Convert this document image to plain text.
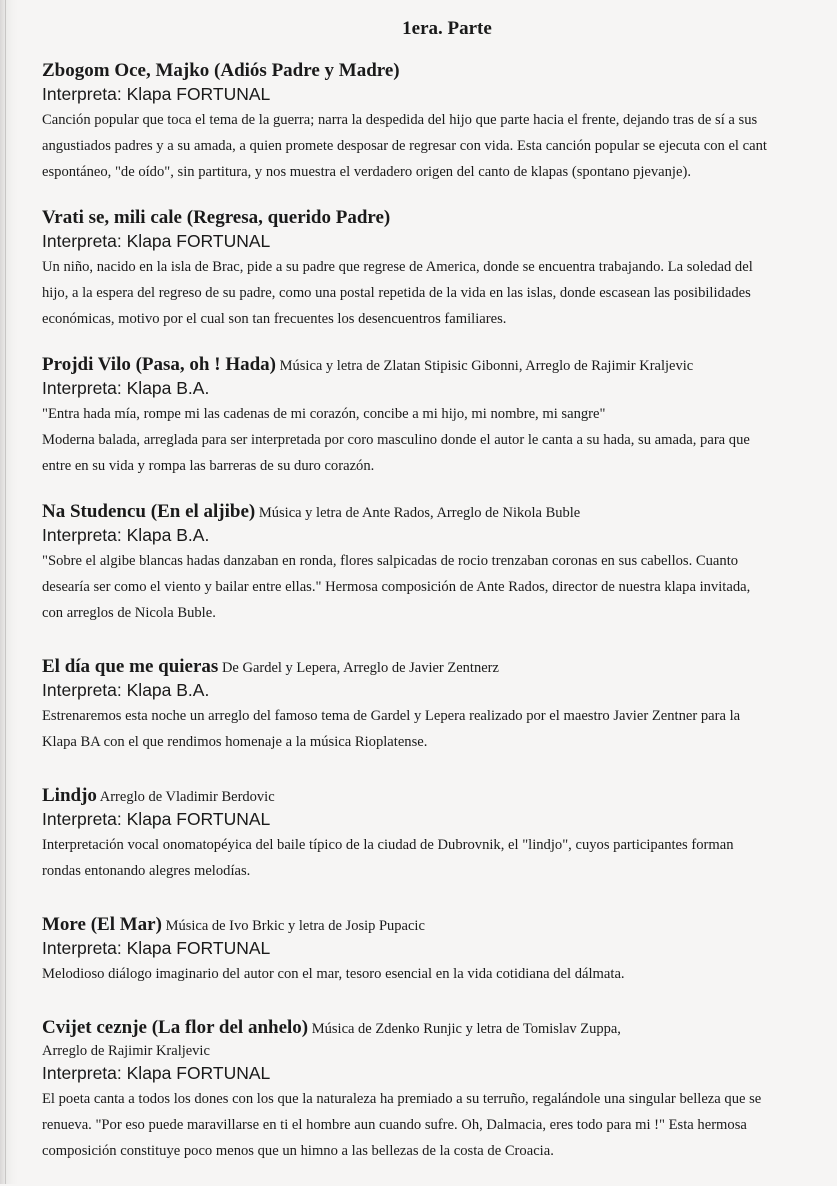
1era. Parte
Zbogom Oce, Majko (Adiós Padre y Madre)
Interpreta: Klapa FORTUNAL
Canción popular que toca el tema de la guerra; narra la despedida del hijo que parte hacia el frente, dejando tras de sí a sus
angustiados padres y a su amada, a quien promete desposar de regresar con vida. Esta canción popular se ejecuta con el cant
espontáneo, "de oído", sin partitura, y nos muestra el verdadero origen del canto de klapas (spontano pjevanje).
Vrati se, mili cale (Regresa, querido Padre)
Interpreta: Klapa FORTUNAL
Un niño, nacido en la isla de Brac, pide a su padre que regrese de America, donde se encuentra trabajando. La soledad del
hijo, a la espera del regreso de su padre, como una postal repetida de la vida en las islas, donde escasean las posibilidades
económicas, motivo por el cual son tan frecuentes los desencuentros familiares.
Projdi Vilo (Pasa, oh ! Hada) Música y letra de Zlatan Stipisic Gibonni, Arreglo de Rajimir Kraljevic
Interpreta: Klapa B.A.
"Entra hada mía, rompe mi las cadenas de mi corazón, concibe a mi hijo, mi nombre, mi sangre"
Moderna balada, arreglada para ser interpretada por coro masculino donde el autor le canta a su hada, su amada, para que
entre en su vida y rompa las barreras de su duro corazón.
Na Studencu (En el aljibe) Música y letra de Ante Rados, Arreglo de Nikola Buble
Interpreta: Klapa B.A.
"Sobre el algibe blancas hadas danzaban en ronda, flores salpicadas de rocio trenzaban coronas en sus cabellos. Cuanto
desearía ser como el viento y bailar entre ellas." Hermosa composición de Ante Rados, director de nuestra klapa invitada,
con arreglos de Nicola Buble.
El día que me quieras De Gardel y Lepera, Arreglo de Javier Zentnerz
Interpreta: Klapa B.A.
Estrenaremos esta noche un arreglo del famoso tema de Gardel y Lepera realizado por el maestro Javier Zentner para la
Klapa BA con el que rendimos homenaje a la música Rioplatense.
Lindjo Arreglo de Vladimir Berdovic
Interpreta: Klapa FORTUNAL
Interpretación vocal onomatopéyica del baile típico de la ciudad de Dubrovnik, el "lindjo", cuyos participantes forman
rondas entonando alegres melodías.
More (El Mar) Música de Ivo Brkic y letra de Josip Pupacic
Interpreta: Klapa FORTUNAL
Melodioso diálogo imaginario del autor con el mar, tesoro esencial en la vida cotidiana del dálmata.
Cvijet ceznje (La flor del anhelo) Música de Zdenko Runjic y letra de Tomislav Zuppa,
Arreglo de Rajimir Kraljevic
Interpreta: Klapa FORTUNAL
El poeta canta a todos los dones con los que la naturaleza ha premiado a su terruño, regalándole una singular belleza que se
renueva. "Por eso puede maravillarse en ti el hombre aun cuando sufre. Oh, Dalmacia, eres todo para mi !" Esta hermosa
composición constituye poco menos que un himno a las bellezas de la costa de Croacia.
